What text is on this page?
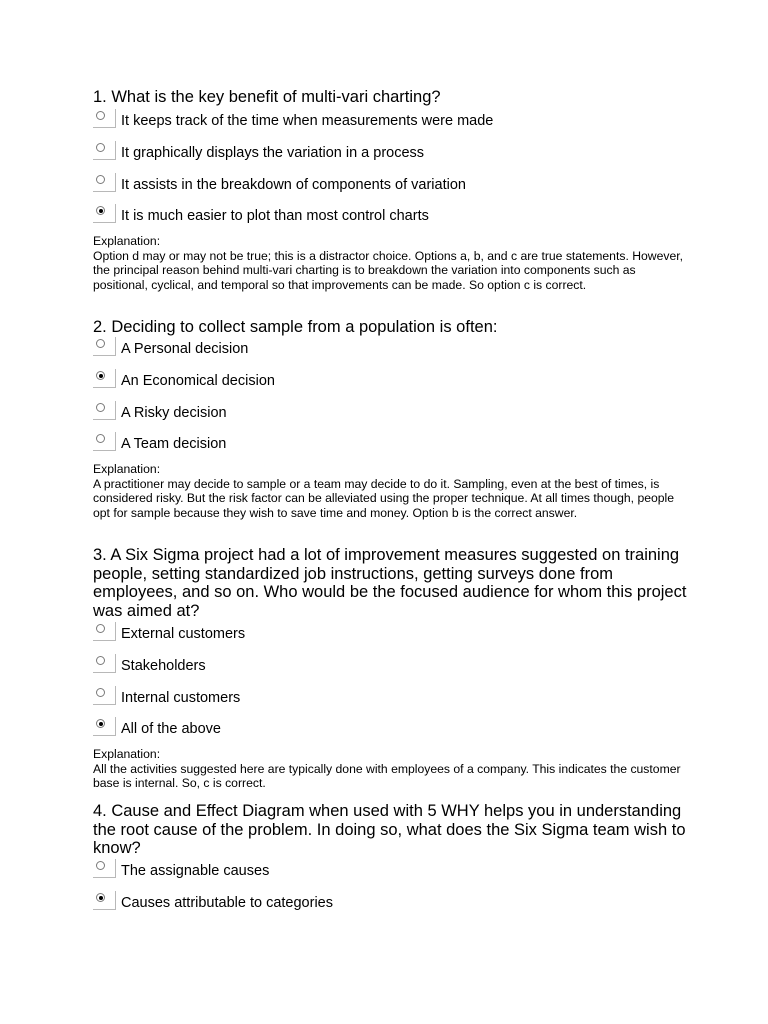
1. What is the key benefit of multi-vari charting?
It keeps track of the time when measurements were made
It graphically displays the variation in a process
It assists in the breakdown of components of variation
It is much easier to plot than most control charts
Explanation:
Option d may or may not be true; this is a distractor choice. Options a, b, and c are true statements. However, the principal reason behind multi-vari charting is to breakdown the variation into components such as positional, cyclical, and temporal so that improvements can be made. So option c is correct.
2. Deciding to collect sample from a population is often:
A Personal decision
An Economical decision
A Risky decision
A Team decision
Explanation:
A practitioner may decide to sample or a team may decide to do it. Sampling, even at the best of times, is considered risky. But the risk factor can be alleviated using the proper technique. At all times though, people opt for sample because they wish to save time and money. Option b is the correct answer.
3. A Six Sigma project had a lot of improvement measures suggested on training people, setting standardized job instructions, getting surveys done from employees, and so on. Who would be the focused audience for whom this project was aimed at?
External customers
Stakeholders
Internal customers
All of the above
Explanation:
All the activities suggested here are typically done with employees of a company. This indicates the customer base is internal. So, c is correct.
4. Cause and Effect Diagram when used with 5 WHY helps you in understanding the root cause of the problem. In doing so, what does the Six Sigma team wish to know?
The assignable causes
Causes attributable to categories
